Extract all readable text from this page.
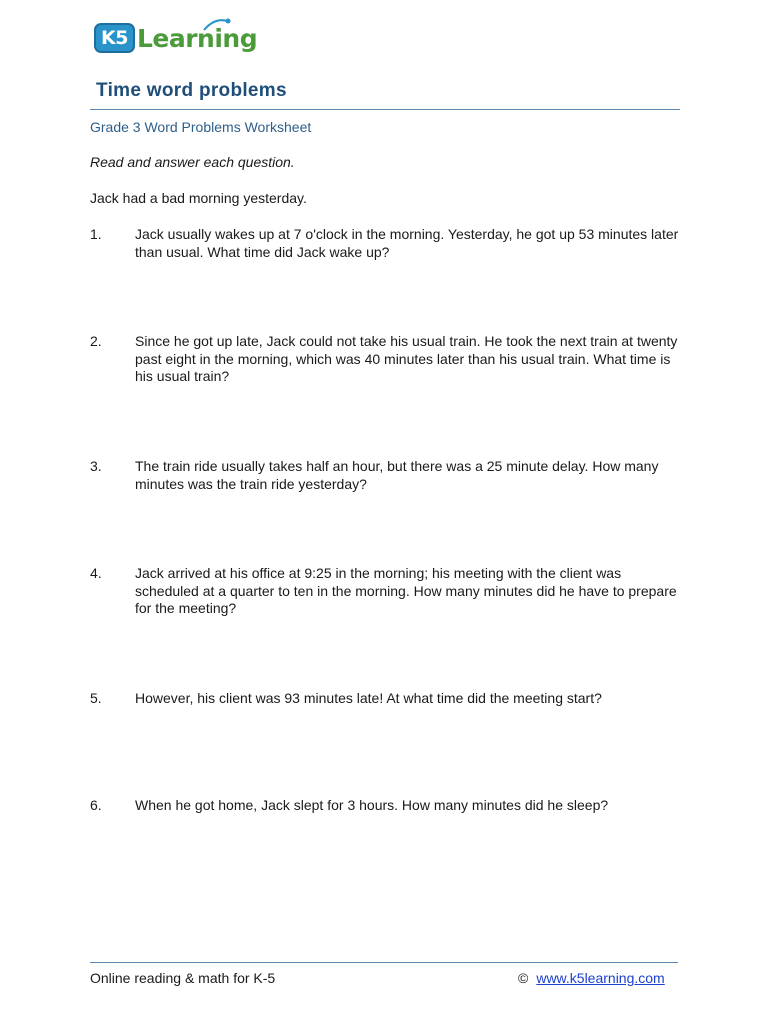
K5 Learning
Time word problems
Grade 3 Word Problems Worksheet
Read and answer each question.
Jack had a bad morning yesterday.
1. Jack usually wakes up at 7 o'clock in the morning. Yesterday, he got up 53 minutes later than usual. What time did Jack wake up?
2. Since he got up late, Jack could not take his usual train. He took the next train at twenty past eight in the morning, which was 40 minutes later than his usual train. What time is his usual train?
3. The train ride usually takes half an hour, but there was a 25 minute delay. How many minutes was the train ride yesterday?
4. Jack arrived at his office at 9:25 in the morning; his meeting with the client was scheduled at a quarter to ten in the morning. How many minutes did he have to prepare for the meeting?
5. However, his client was 93 minutes late! At what time did the meeting start?
6. When he got home, Jack slept for 3 hours. How many minutes did he sleep?
Online reading & math for K-5	© www.k5learning.com
